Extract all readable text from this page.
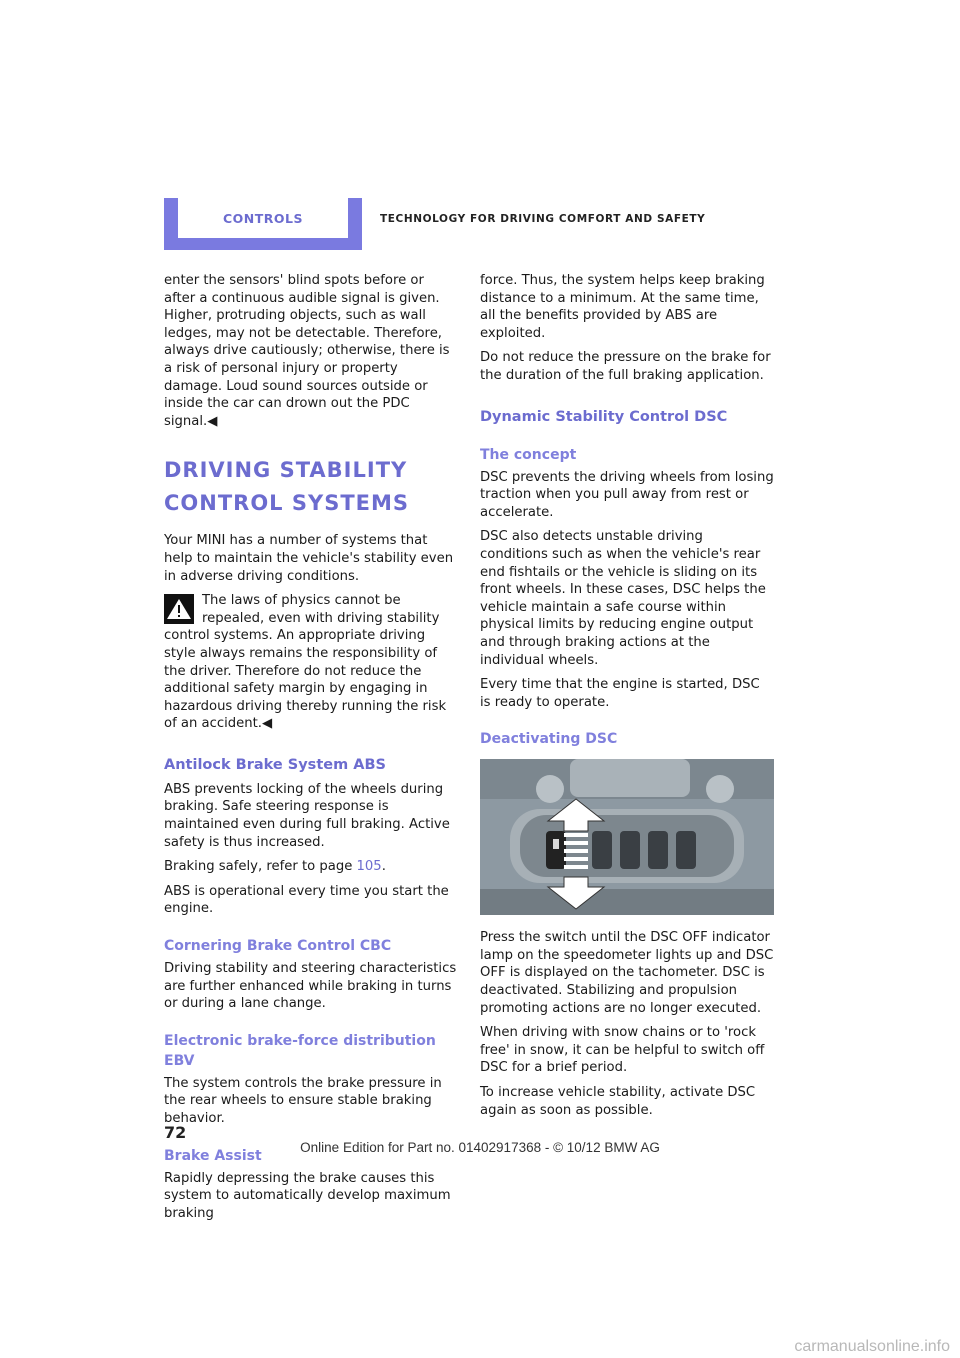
CONTROLS	TECHNOLOGY FOR DRIVING COMFORT AND SAFETY

enter the sensors' blind spots before or after a continuous audible signal is given. Higher, protruding objects, such as wall ledges, may not be detectable. Therefore, always drive cautiously; otherwise, there is a risk of personal injury or property damage. Loud sound sources outside or inside the car can drown out the PDC signal.◀

DRIVING STABILITY CONTROL SYSTEMS

Your MINI has a number of systems that help to maintain the vehicle's stability even in adverse driving conditions.

The laws of physics cannot be repealed, even with driving stability control systems. An appropriate driving style always remains the responsibility of the driver. Therefore do not reduce the additional safety margin by engaging in hazardous driving thereby running the risk of an accident.◀

Antilock Brake System ABS

ABS prevents locking of the wheels during braking. Safe steering response is maintained even during full braking. Active safety is thus increased.

Braking safely, refer to page 105.

ABS is operational every time you start the engine.

Cornering Brake Control CBC

Driving stability and steering characteristics are further enhanced while braking in turns or during a lane change.

Electronic brake-force distribution EBV

The system controls the brake pressure in the rear wheels to ensure stable braking behavior.

Brake Assist

Rapidly depressing the brake causes this system to automatically develop maximum braking

force. Thus, the system helps keep braking distance to a minimum. At the same time, all the benefits provided by ABS are exploited.

Do not reduce the pressure on the brake for the duration of the full braking application.

Dynamic Stability Control DSC
The concept

DSC prevents the driving wheels from losing traction when you pull away from rest or accelerate.

DSC also detects unstable driving conditions such as when the vehicle's rear end fishtails or the vehicle is sliding on its front wheels. In these cases, DSC helps the vehicle maintain a safe course within physical limits by reducing engine output and through braking actions at the individual wheels.

Every time that the engine is started, DSC is ready to operate.

Deactivating DSC

Press the switch until the DSC OFF indicator lamp on the speedometer lights up and DSC OFF is displayed on the tachometer. DSC is deactivated. Stabilizing and propulsion promoting actions are no longer executed.

When driving with snow chains or to 'rock free' in snow, it can be helpful to switch off DSC for a brief period.

To increase vehicle stability, activate DSC again as soon as possible.

72
Online Edition for Part no. 01402917368 - © 10/12 BMW AG
carmanualsonline.info
